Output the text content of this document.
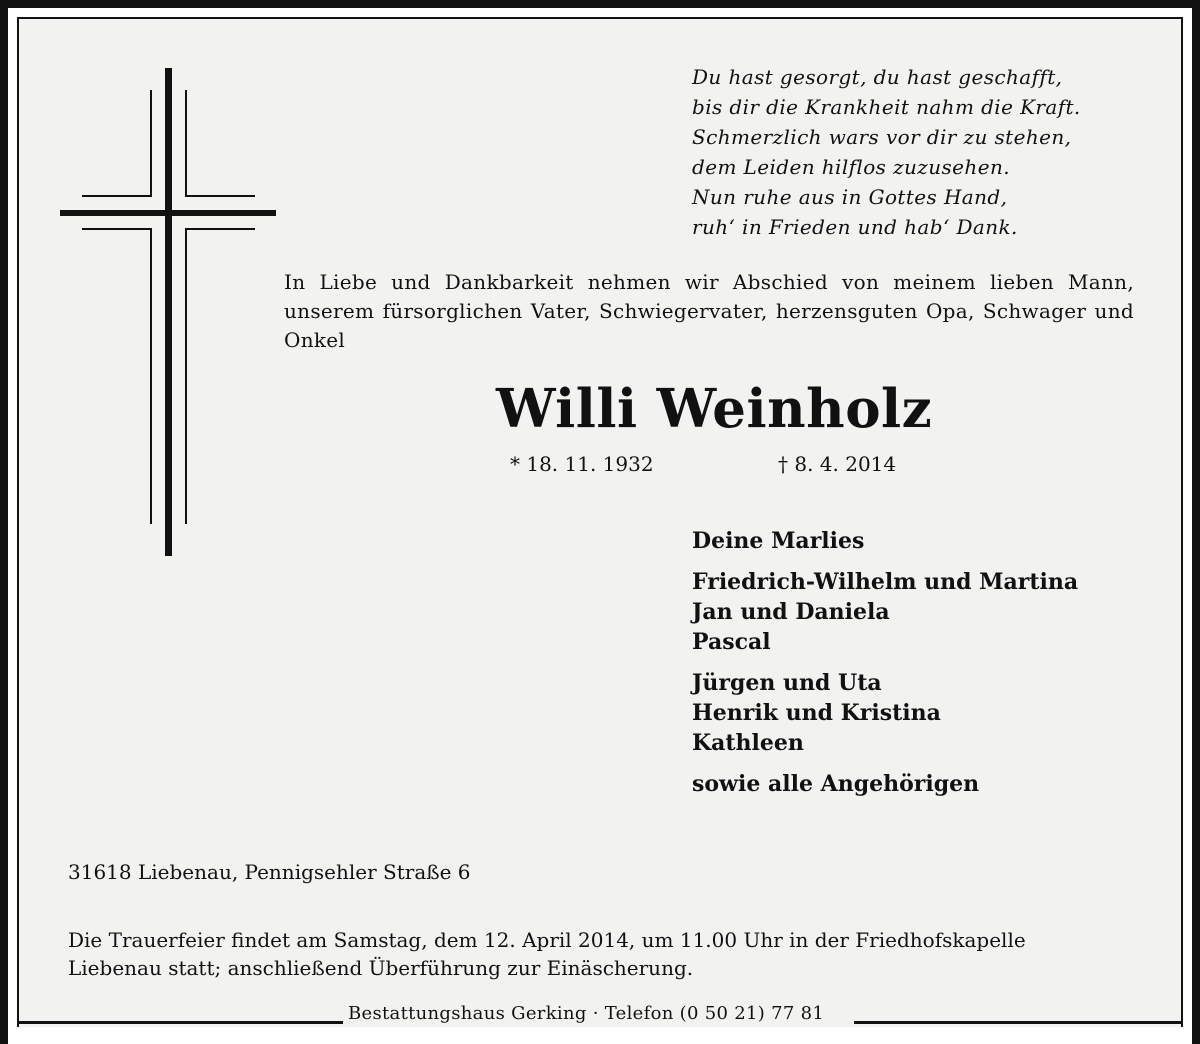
Du hast gesorgt, du hast geschafft,
bis dir die Krankheit nahm die Kraft.
Schmerzlich wars vor dir zu stehen,
dem Leiden hilflos zuzusehen.
Nun ruhe aus in Gottes Hand,
ruh‘ in Frieden und hab‘ Dank.
In Liebe und Dankbarkeit nehmen wir Abschied von meinem lieben Mann, unserem fürsorglichen Vater, Schwiegervater, herzensguten Opa, Schwager und Onkel
Willi Weinholz
* 18. 11. 1932	† 8. 4. 2014
Deine Marlies
Friedrich-Wilhelm und Martina
Jan und Daniela
Pascal
Jürgen und Uta
Henrik und Kristina
Kathleen
sowie alle Angehörigen
31618 Liebenau, Pennigsehler Straße 6
Die Trauerfeier findet am Samstag, dem 12. April 2014, um 11.00 Uhr in der Friedhofskapelle
Liebenau statt; anschließend Überführung zur Einäscherung.
Bestattungshaus Gerking · Telefon (0 50 21) 77 81
